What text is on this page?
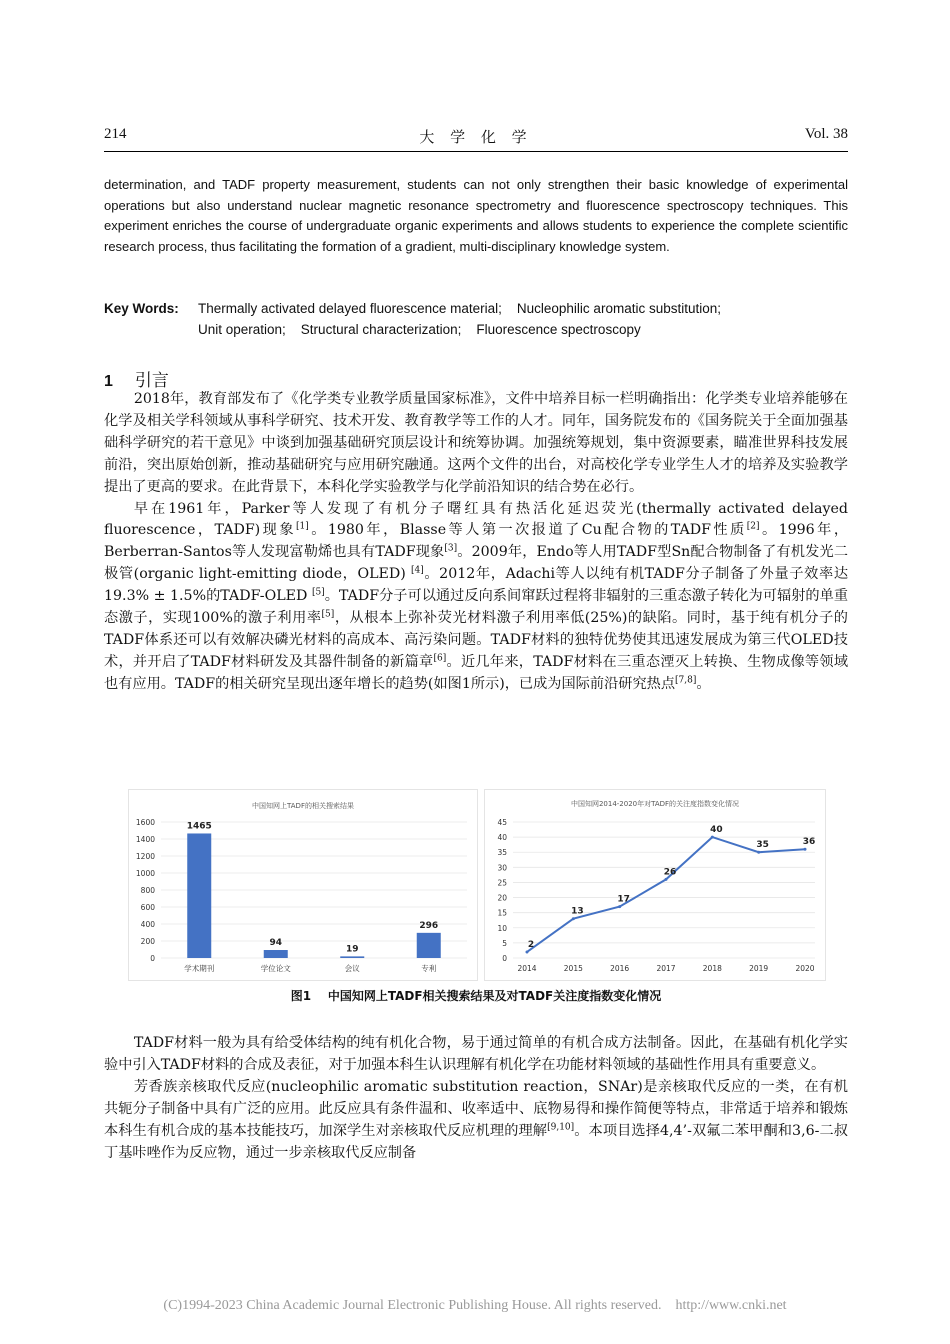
214	大 学 化 学	Vol. 38
determination, and TADF property measurement, students can not only strengthen their basic knowledge of experimental operations but also understand nuclear magnetic resonance spectrometry and fluorescence spectroscopy techniques. This experiment enriches the course of undergraduate organic experiments and allows students to experience the complete scientific research process, thus facilitating the formation of a gradient, multi-disciplinary knowledge system.
Key Words: Thermally activated delayed fluorescence material;    Nucleophilic aromatic substitution;
Unit operation;    Structural characterization;    Fluorescence spectroscopy
1 引言

2018年，教育部发布了《化学类专业教学质量国家标准》，文件中培养目标一栏明确指出：化学类专业培养能够在化学及相关学科领域从事科学研究、技术开发、教育教学等工作的人才。同年，国务院发布的《国务院关于全面加强基础科学研究的若干意见》中谈到加强基础研究顶层设计和统筹协调。加强统筹规划，集中资源要素，瞄准世界科技发展前沿，突出原始创新，推动基础研究与应用研究融通。这两个文件的出台，对高校化学专业学生人才的培养及实验教学提出了更高的要求。在此背景下，本科化学实验教学与化学前沿知识的结合势在必行。

早在1961年，Parker等人发现了有机分子曙红具有热活化延迟荧光(thermally activated delayed fluorescence，TADF)现象[1]。1980年，Blasse等人第一次报道了Cu配合物的TADF性质[2]。1996年，Berberran-Santos等人发现富勒烯也具有TADF现象[3]。2009年，Endo等人用TADF型Sn配合物制备了有机发光二极管(organic light-emitting diode，OLED) [4]。2012年，Adachi等人以纯有机TADF分子制备了外量子效率达19.3% ± 1.5%的TADF-OLED [5]。TADF分子可以通过反向系间窜跃过程将非辐射的三重态激子转化为可辐射的单重态激子，实现100%的激子利用率[5]，从根本上弥补荧光材料激子利用率低(25%)的缺陷。同时，基于纯有机分子的TADF体系还可以有效解决磷光材料的高成本、高污染问题。TADF材料的独特优势使其迅速发展成为第三代OLED技术，并开启了TADF材料研发及其器件制备的新篇章[6]。近几年来，TADF材料在三重态湮灭上转换、生物成像等领域也有应用。TADF的相关研究呈现出逐年增长的趋势(如图1所示)，已成为国际前沿研究热点[7,8]。

中国知网上TADF的相关搜索结果
0
200
400
600
800
1000
1200
1400
1600	1465
学术期刊
94
学位论文
19
会议
296
专利
中国知网2014-2020年对TADF的关注度指数变化情况
0
5
10
15
20
25
30
35
40
45
2
2014
13
2015
17
2016
26
2017
40
2018
35
2019
36
2020
图1    中国知网上TADF相关搜索结果及对TADF关注度指数变化情况

TADF材料一般为具有给受体结构的纯有机化合物，易于通过简单的有机合成方法制备。因此，在基础有机化学实验中引入TADF材料的合成及表征，对于加强本科生认识理解有机化学在功能材料领域的基础性作用具有重要意义。

芳香族亲核取代反应(nucleophilic aromatic substitution reaction，SNAr)是亲核取代反应的一类，在有机共轭分子制备中具有广泛的应用。此反应具有条件温和、收率适中、底物易得和操作简便等特点，非常适于培养和锻炼本科生有机合成的基本技能技巧，加深学生对亲核取代反应机理的理解[9,10]。本项目选择4,4’-双氟二苯甲酮和3,6-二叔丁基咔唑作为反应物，通过一步亲核取代反应制备

(C)1994-2023 China Academic Journal Electronic Publishing House. All rights reserved.    http://www.cnki.net
